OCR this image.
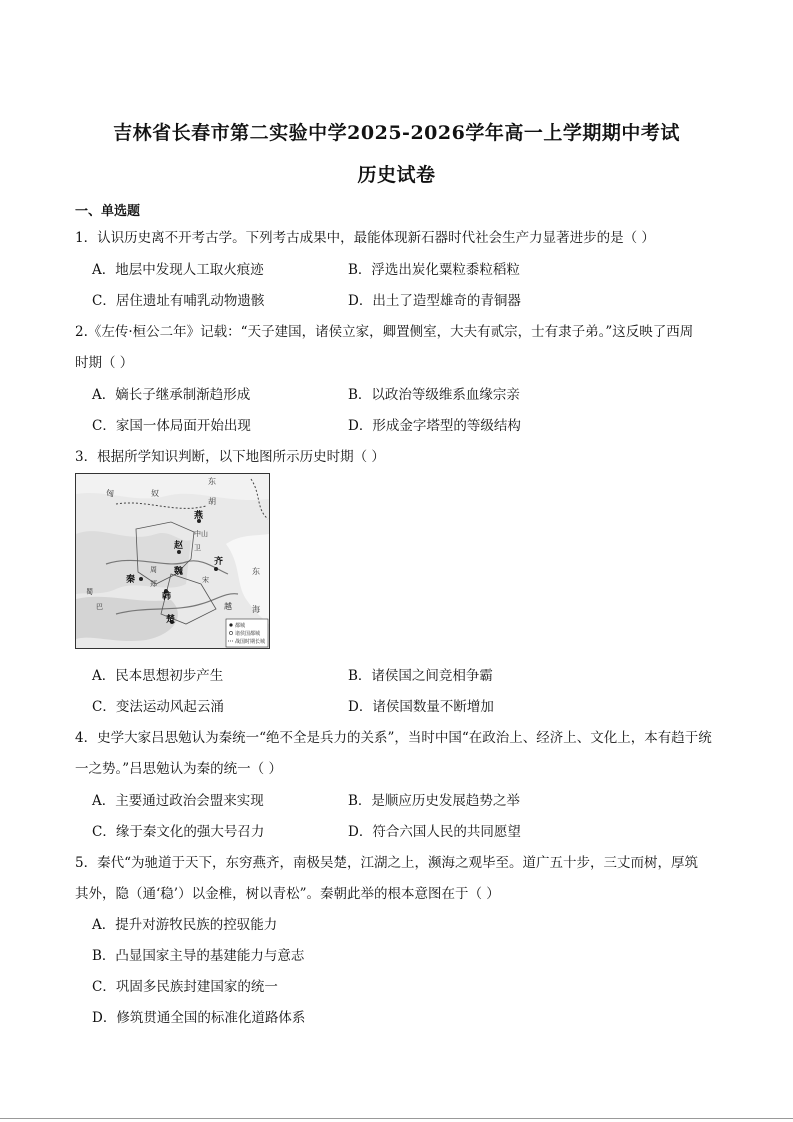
吉林省长春市第二实验中学2025-2026学年高一上学期期中考试
历史试卷
一、单选题
1．认识历史离不开考古学。下列考古成果中，最能体现新石器时代社会生产力显著进步的是（ ）
A．地层中发现人工取火痕迹	B．浮选出炭化粟粒黍粒稻粒
C．居住遗址有哺乳动物遗骸	D．出土了造型雄奇的青铜器
2.《左传·桓公二年》记载：“天子建国，诸侯立家，卿置侧室，大夫有贰宗，士有隶子弟。”这反映了西周
时期（ ）
A．嫡长子继承制渐趋形成	B．以政治等级维系血缘宗亲
C．家国一体局面开始出现	D．形成金字塔型的等级结构
3．根据所学知识判断，以下地图所示历史时期（ ）
匈	奴
东
胡
燕
赵
齐
秦
魏
韩
卫
中山
楚
越
东
海
宋
周
郑
巴
蜀
都城
诸侯国都城
战国时期长城
A．民本思想初步产生	B．诸侯国之间竞相争霸
C．变法运动风起云涌	D．诸侯国数量不断增加
4．史学大家吕思勉认为秦统一“绝不全是兵力的关系”，当时中国“在政治上、经济上、文化上，本有趋于统
一之势。”吕思勉认为秦的统一（ ）
A．主要通过政治会盟来实现	B．是顺应历史发展趋势之举
C．缘于秦文化的强大号召力	D．符合六国人民的共同愿望
5．秦代“为驰道于天下，东穷燕齐，南极吴楚，江湖之上，濒海之观毕至。道广五十步，三丈而树，厚筑
其外，隐（通‘稳’）以金椎，树以青松”。秦朝此举的根本意图在于（ ）
A．提升对游牧民族的控驭能力
B．凸显国家主导的基建能力与意志
C．巩固多民族封建国家的统一
D．修筑贯通全国的标准化道路体系
